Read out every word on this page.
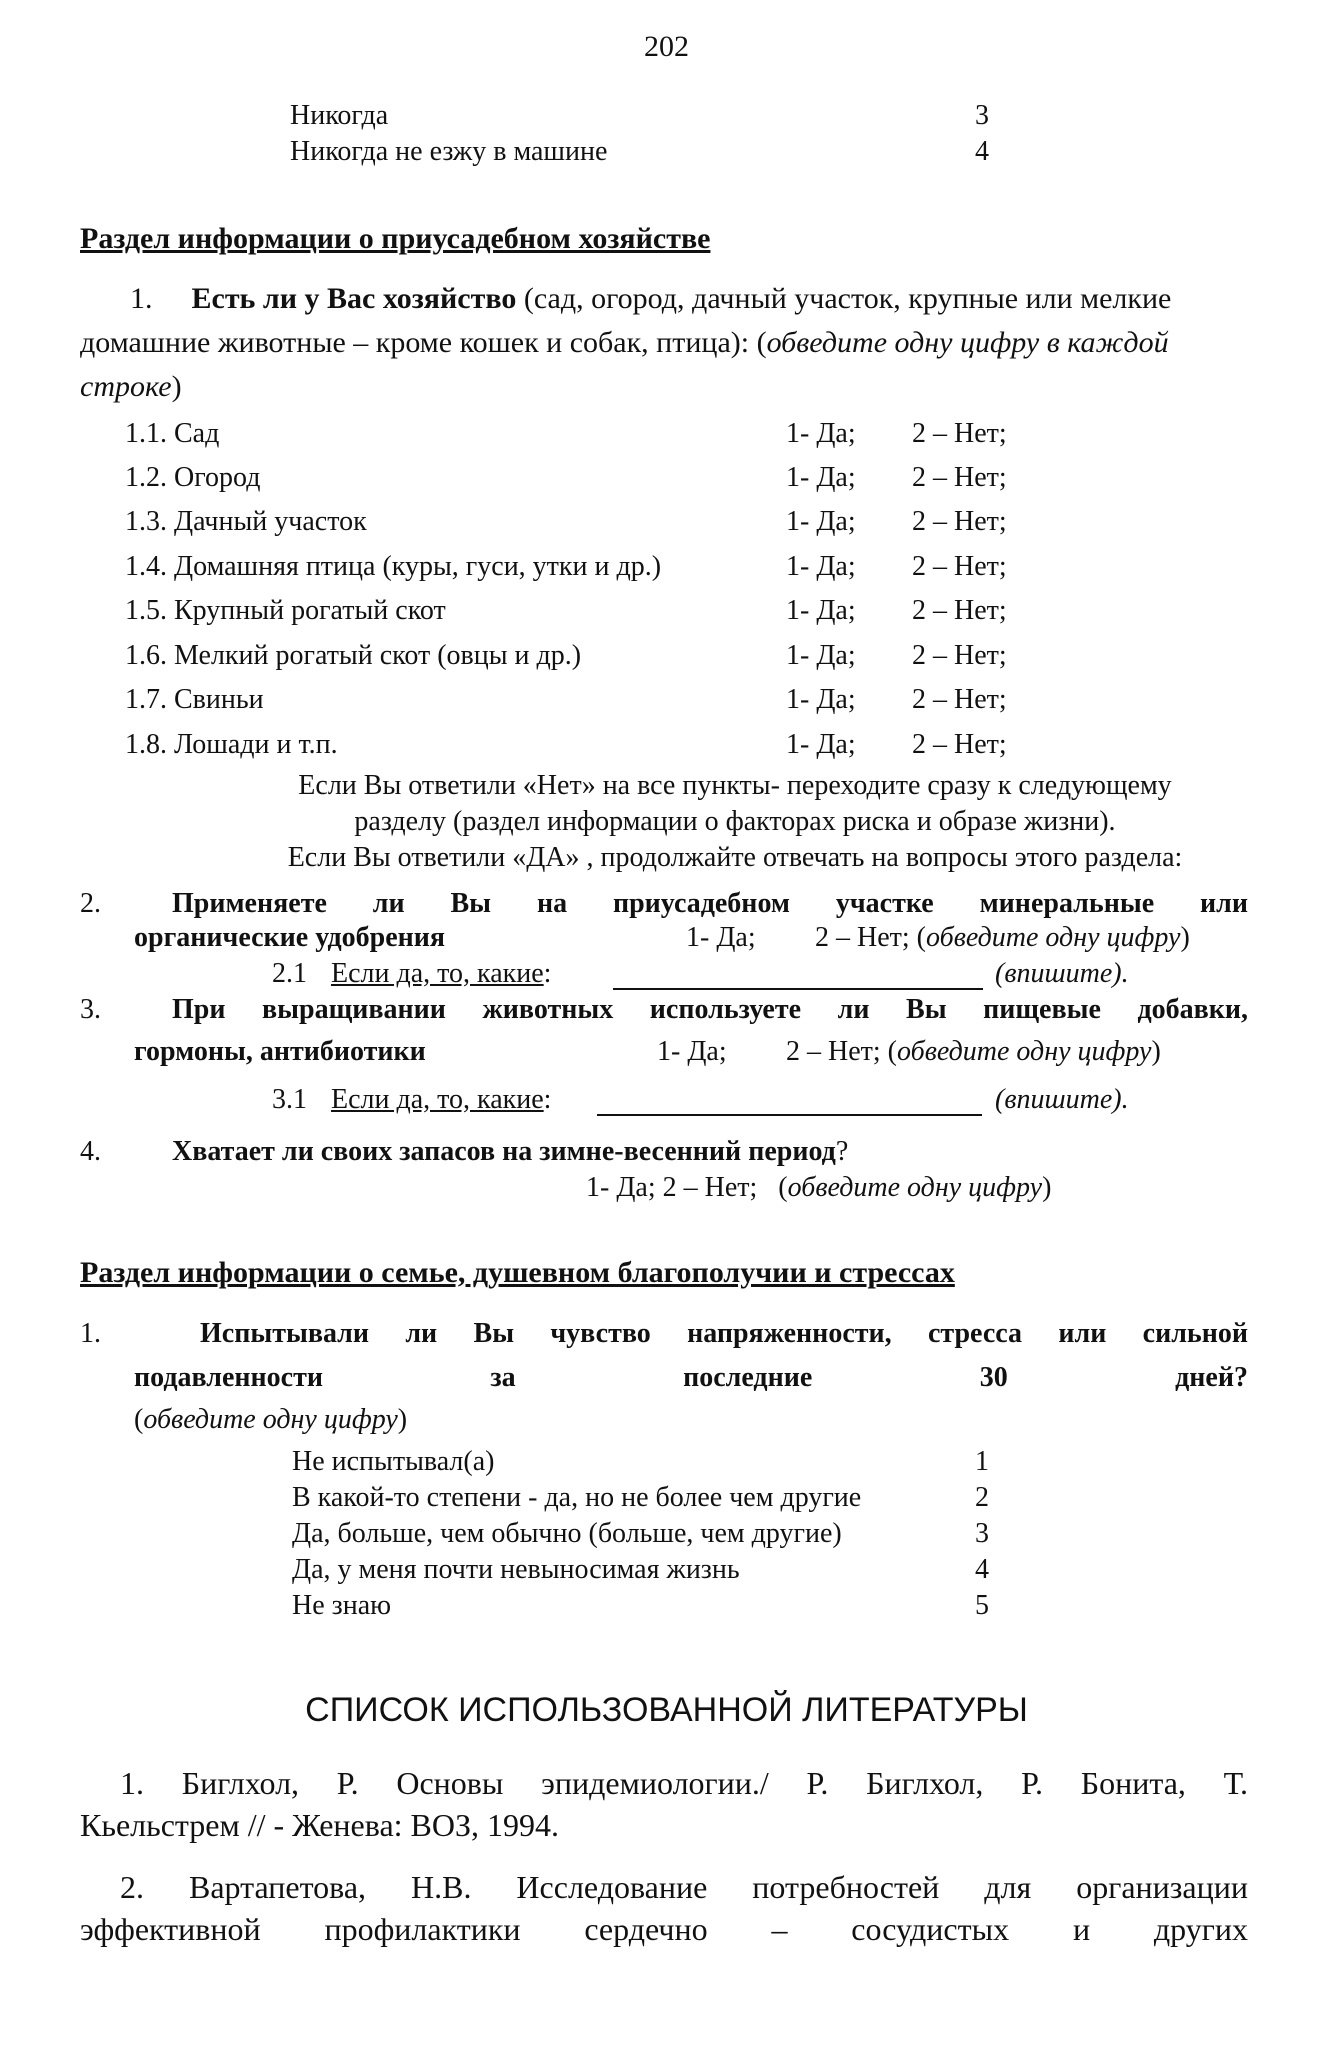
202
Никогда	3
Никогда не езжу в машине	4
Раздел информации о приусадебном хозяйстве
1. Есть ли у Вас хозяйство (сад, огород, дачный участок, крупные или мелкие
домашние животные – кроме кошек и собак, птица): (обведите одну цифру в каждой
строке)
1.1. Сад	1- Да; 2 – Нет;
1.2. Огород	1- Да; 2 – Нет;
1.3. Дачный участок	1- Да; 2 – Нет;
1.4. Домашняя птица (куры, гуси, утки и др.)	1- Да; 2 – Нет;
1.5. Крупный рогатый скот	1- Да; 2 – Нет;
1.6. Мелкий рогатый скот (овцы и др.)	1- Да; 2 – Нет;
1.7. Свиньи	1- Да; 2 – Нет;
1.8. Лошади и т.п.	1- Да; 2 – Нет;
Если Вы ответили «Нет» на все пункты- переходите сразу к следующему
разделу (раздел информации о факторах риска и образе жизни).
Если Вы ответили «ДА» , продолжайте отвечать на вопросы этого раздела:
2.	Применяете ли Вы на приусадебном участке минеральные или
органические удобрения	1- Да; 2 – Нет; (обведите одну цифру)
2.1 Если да, то, какие:	(впишите).
3.	При выращивании животных используете ли Вы пищевые добавки,
гормоны, антибиотики	1- Да; 2 – Нет; (обведите одну цифру)
3.1 Если да, то, какие:	(впишите).
4.	Хватает ли своих запасов на зимне-весенний период?
1- Да; 2 – Нет;   (обведите одну цифру)
Раздел информации о семье, душевном благополучии и стрессах
1.	Испытывали ли Вы чувство напряженности, стресса или сильной
подавленности за последние 30 дней?
(обведите одну цифру)
Не испытывал(а)	1
В какой-то степени - да, но не более чем другие	2
Да, больше, чем обычно (больше, чем другие)	3
Да, у меня почти невыносимая жизнь	4
Не знаю	5
СПИСОК ИСПОЛЬЗОВАННОЙ ЛИТЕРАТУРЫ
1. Биглхол, Р. Основы эпидемиологии./ Р. Биглхол, Р. Бонита, Т.
Кьельстрем // - Женева: ВОЗ, 1994.
2. Вартапетова, Н.В. Исследование потребностей для организации
эффективной профилактики сердечно – сосудистых и других
